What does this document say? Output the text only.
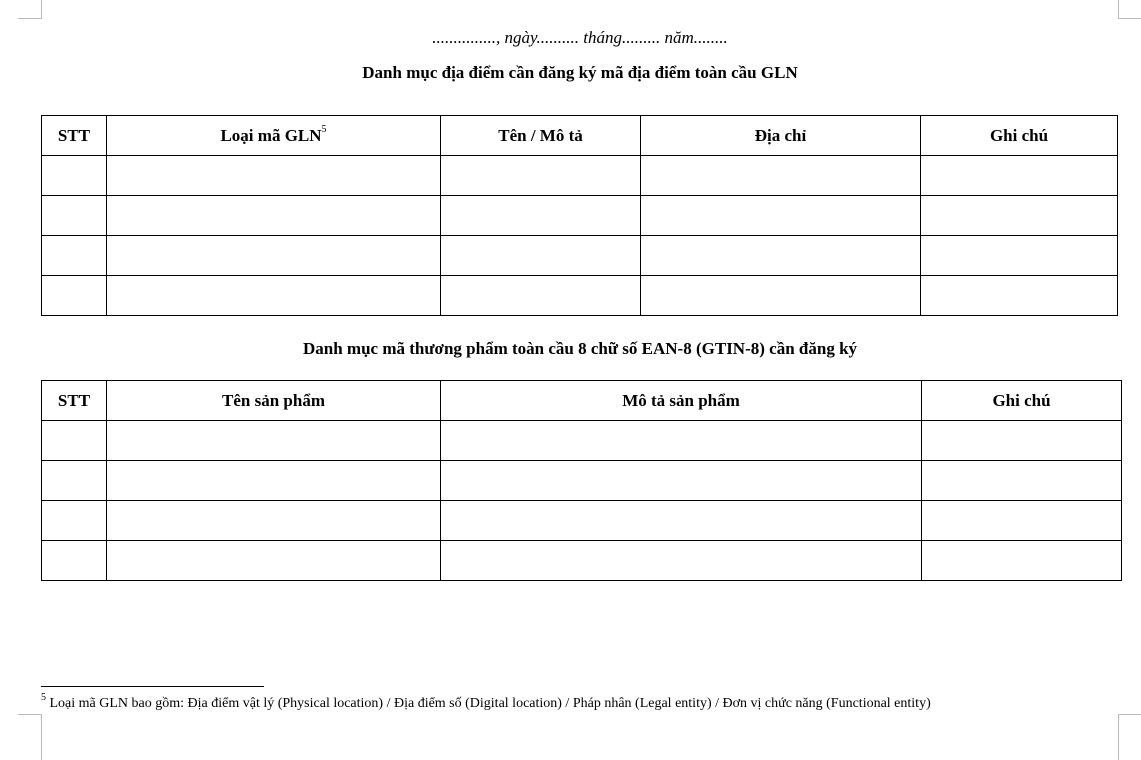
..............., ngày.......... tháng......... năm........
Danh mục địa điểm cần đăng ký mã địa điểm toàn cầu GLN
STT	Loại mã GLN$^5$	Tên / Mô tả	Địa chỉ	Ghi chú

Danh mục mã thương phẩm toàn cầu 8 chữ số EAN-8 (GTIN-8) cần đăng ký
STT	Tên sản phẩm	Mô tả sản phẩm	Ghi chú

$^5$ Loại mã GLN bao gồm: Địa điểm vật lý (Physical location) / Địa điểm số (Digital location) / Pháp nhân (Legal entity) / Đơn vị chức năng (Functional entity)
